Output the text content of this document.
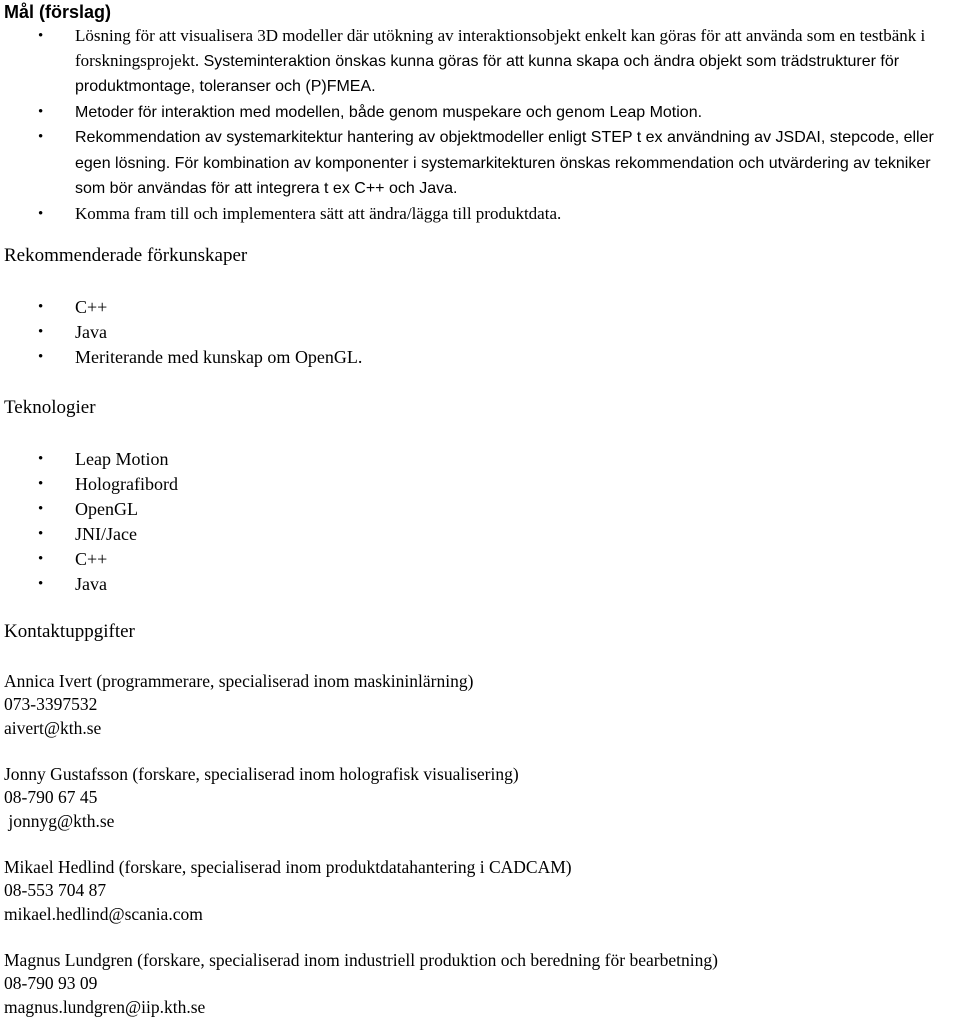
Mål (förslag)
• Lösning för att visualisera 3D modeller där utökning av interaktionsobjekt enkelt kan göras för att använda som en testbänk i forskningsprojekt. Systeminteraktion önskas kunna göras för att kunna skapa och ändra objekt som trädstrukturer för produktmontage, toleranser och (P)FMEA.
• Metoder för interaktion med modellen, både genom muspekare och genom Leap Motion.
• Rekommendation av systemarkitektur hantering av objektmodeller enligt STEP t ex användning av JSDAI, stepcode, eller egen lösning. För kombination av komponenter i systemarkitekturen önskas rekommendation och utvärdering av tekniker som bör användas för att integrera t ex C++ och Java.
• Komma fram till och implementera sätt att ändra/lägga till produktdata.
Rekommenderade förkunskaper
• C++
• Java
• Meriterande med kunskap om OpenGL.
Teknologier
• Leap Motion
• Holografibord
• OpenGL
• JNI/Jace
• C++
• Java
Kontaktuppgifter
Annica Ivert (programmerare, specialiserad inom maskininlärning)
073-3397532
aivert@kth.se
Jonny Gustafsson (forskare, specialiserad inom holografisk visualisering)
08-790 67 45
jonnyg@kth.se
Mikael Hedlind (forskare, specialiserad inom produktdatahantering i CADCAM)
08-553 704 87
mikael.hedlind@scania.com
Magnus Lundgren (forskare, specialiserad inom industriell produktion och beredning för bearbetning)
08-790 93 09
magnus.lundgren@iip.kth.se
